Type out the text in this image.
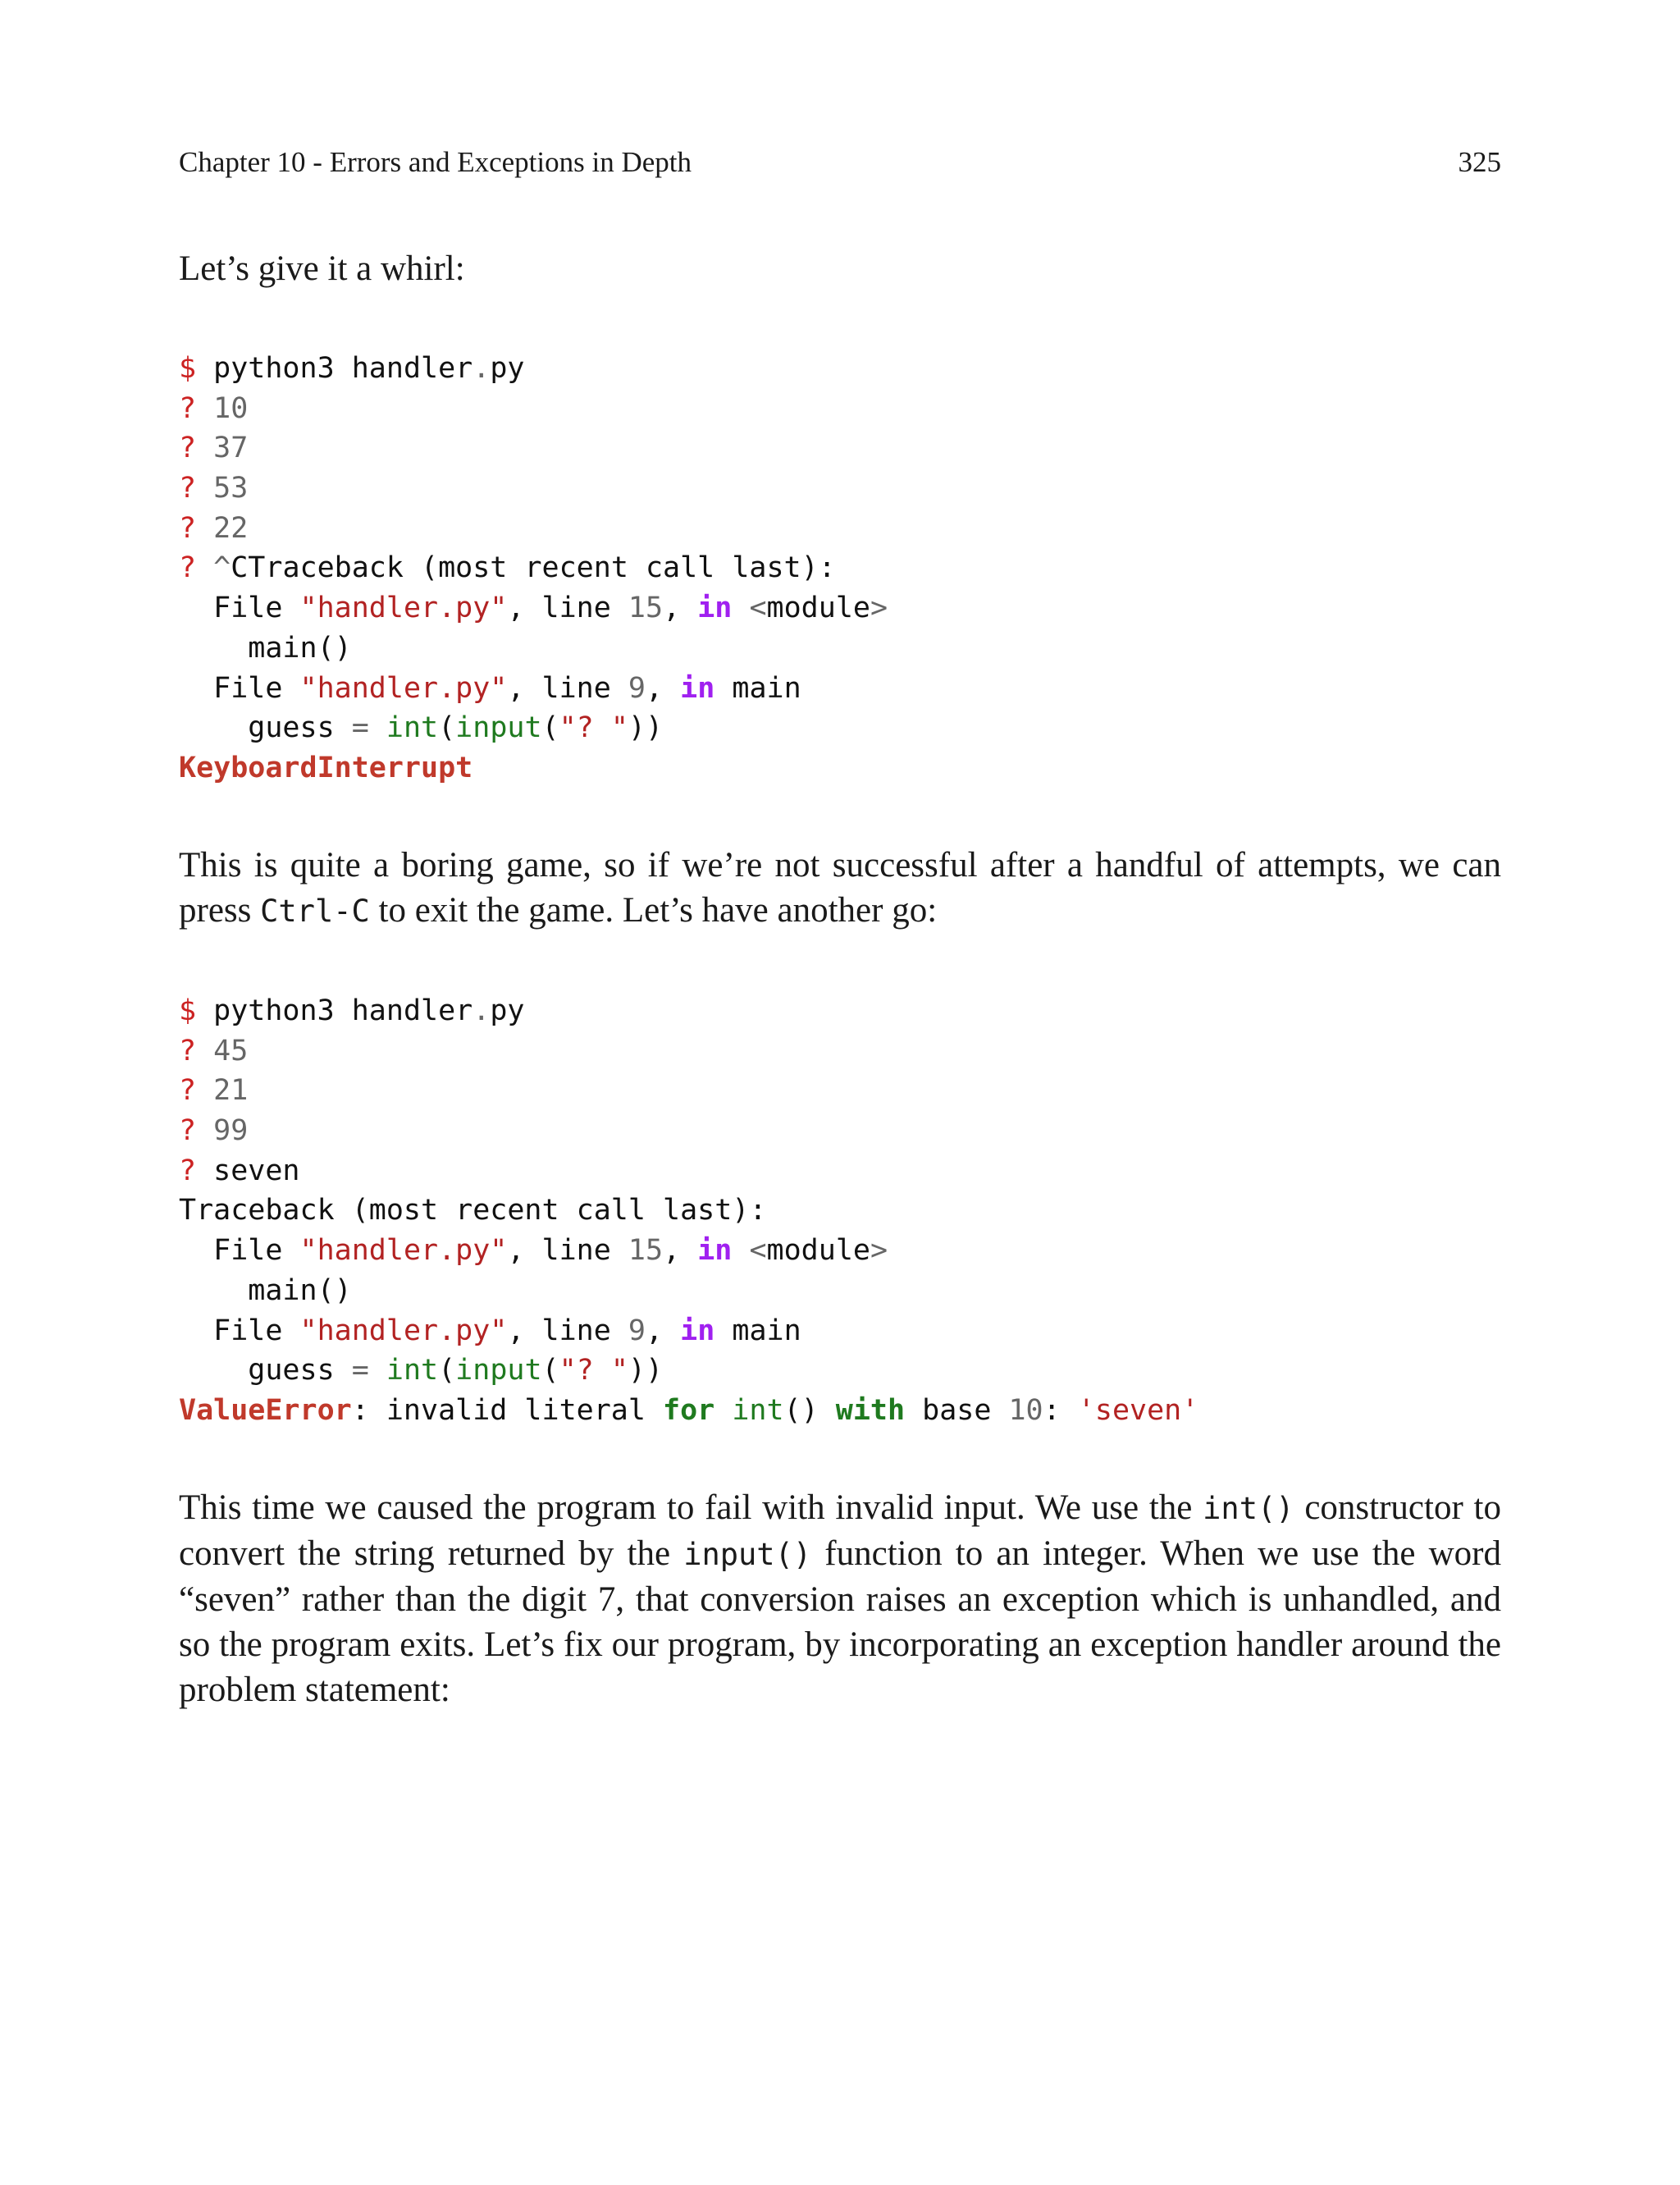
Chapter 10 - Errors and Exceptions in Depth	325

Let’s give it a whirl:

$ python3 handler.py
? 10
? 37
? 53
? 22
? ^CTraceback (most recent call last):
File "handler.py", line 15, in <module>
main()
File "handler.py", line 9, in main
guess = int(input("? "))
KeyboardInterrupt

This is quite a boring game, so if we’re not successful after a handful of attempts, we can press Ctrl-C to exit the game. Let’s have another go:

$ python3 handler.py
? 45
? 21
? 99
? seven
Traceback (most recent call last):
File "handler.py", line 15, in <module>
main()
File "handler.py", line 9, in main
guess = int(input("? "))
ValueError: invalid literal for int() with base 10: 'seven'

This time we caused the program to fail with invalid input. We use the int() constructor to convert the string returned by the input() function to an integer. When we use the word “seven” rather than the digit 7, that conversion raises an exception which is unhandled, and so the program exits. Let’s fix our program, by incorporating an exception handler around the problem statement:
